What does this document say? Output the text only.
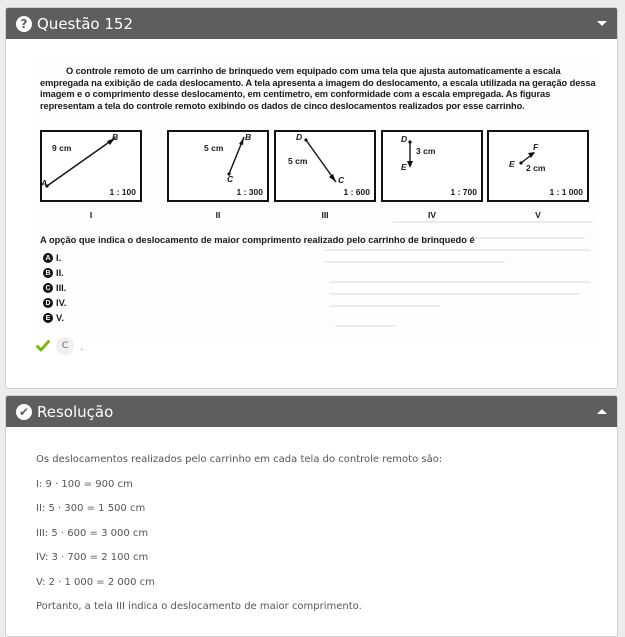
? Questão 152
O controle remoto de um carrinho de brinquedo vem equipado com uma tela que ajusta automaticamente a escala empregada na exibição de cada deslocamento. A tela apresenta a imagem do deslocamento, a escala utilizada na geração dessa imagem e o comprimento desse deslocamento, em centímetro, em conformidade com a escala empregada. As figuras representam a tela do controle remoto exibindo os dados de cinco deslocamentos realizados por esse carrinho.
9 cm
A
B
1 : 100
5 cm
C
B
1 : 300
D
5 cm
C
1 : 600
D
3 cm
E
1 : 700
E
F
2 cm
1 : 1 000
I	II	III	IV	V
A opção que indica o deslocamento de maior comprimento realizado pelo carrinho de brinquedo é
A I.
B II.
C III.
D IV.
E V.
C	.
✔ Resolução

Os deslocamentos realizados pelo carrinho em cada tela do controle remoto são:

I: 9 · 100 = 900 cm

II: 5 · 300 = 1 500 cm

III: 5 · 600 = 3 000 cm

IV: 3 · 700 = 2 100 cm

V: 2 · 1 000 = 2 000 cm

Portanto, a tela III indica o deslocamento de maior comprimento.
